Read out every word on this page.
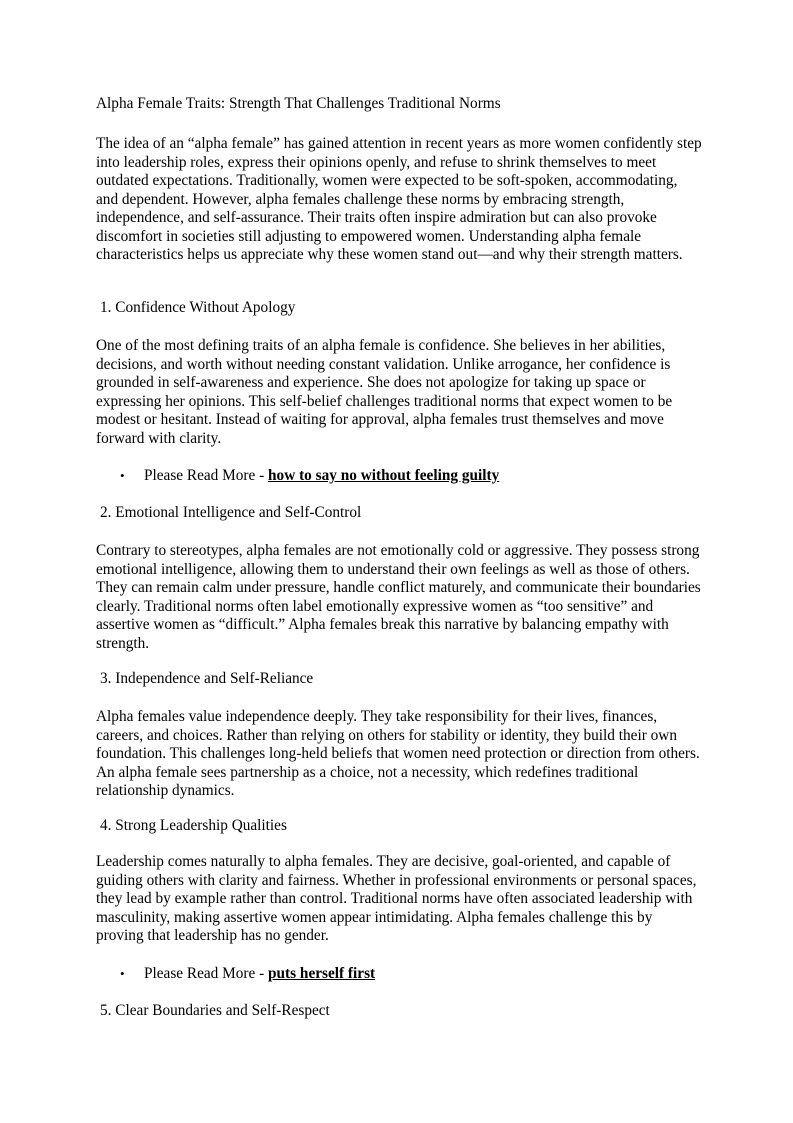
Alpha Female Traits: Strength That Challenges Traditional Norms

The idea of an “alpha female” has gained attention in recent years as more women confidently step into leadership roles, express their opinions openly, and refuse to shrink themselves to meet outdated expectations. Traditionally, women were expected to be soft-spoken, accommodating, and dependent. However, alpha females challenge these norms by embracing strength, independence, and self-assurance. Their traits often inspire admiration but can also provoke discomfort in societies still adjusting to empowered women. Understanding alpha female characteristics helps us appreciate why these women stand out—and why their strength matters.

1. Confidence Without Apology

One of the most defining traits of an alpha female is confidence. She believes in her abilities, decisions, and worth without needing constant validation. Unlike arrogance, her confidence is grounded in self-awareness and experience. She does not apologize for taking up space or expressing her opinions. This self-belief challenges traditional norms that expect women to be modest or hesitant. Instead of waiting for approval, alpha females trust themselves and move forward with clarity.

• Please Read More - how to say no without feeling guilty

2. Emotional Intelligence and Self-Control

Contrary to stereotypes, alpha females are not emotionally cold or aggressive. They possess strong emotional intelligence, allowing them to understand their own feelings as well as those of others. They can remain calm under pressure, handle conflict maturely, and communicate their boundaries clearly. Traditional norms often label emotionally expressive women as “too sensitive” and assertive women as “difficult.” Alpha females break this narrative by balancing empathy with strength.

3. Independence and Self-Reliance

Alpha females value independence deeply. They take responsibility for their lives, finances, careers, and choices. Rather than relying on others for stability or identity, they build their own foundation. This challenges long-held beliefs that women need protection or direction from others. An alpha female sees partnership as a choice, not a necessity, which redefines traditional relationship dynamics.

4. Strong Leadership Qualities

Leadership comes naturally to alpha females. They are decisive, goal-oriented, and capable of guiding others with clarity and fairness. Whether in professional environments or personal spaces, they lead by example rather than control. Traditional norms have often associated leadership with masculinity, making assertive women appear intimidating. Alpha females challenge this by proving that leadership has no gender.

• Please Read More - puts herself first

5. Clear Boundaries and Self-Respect
